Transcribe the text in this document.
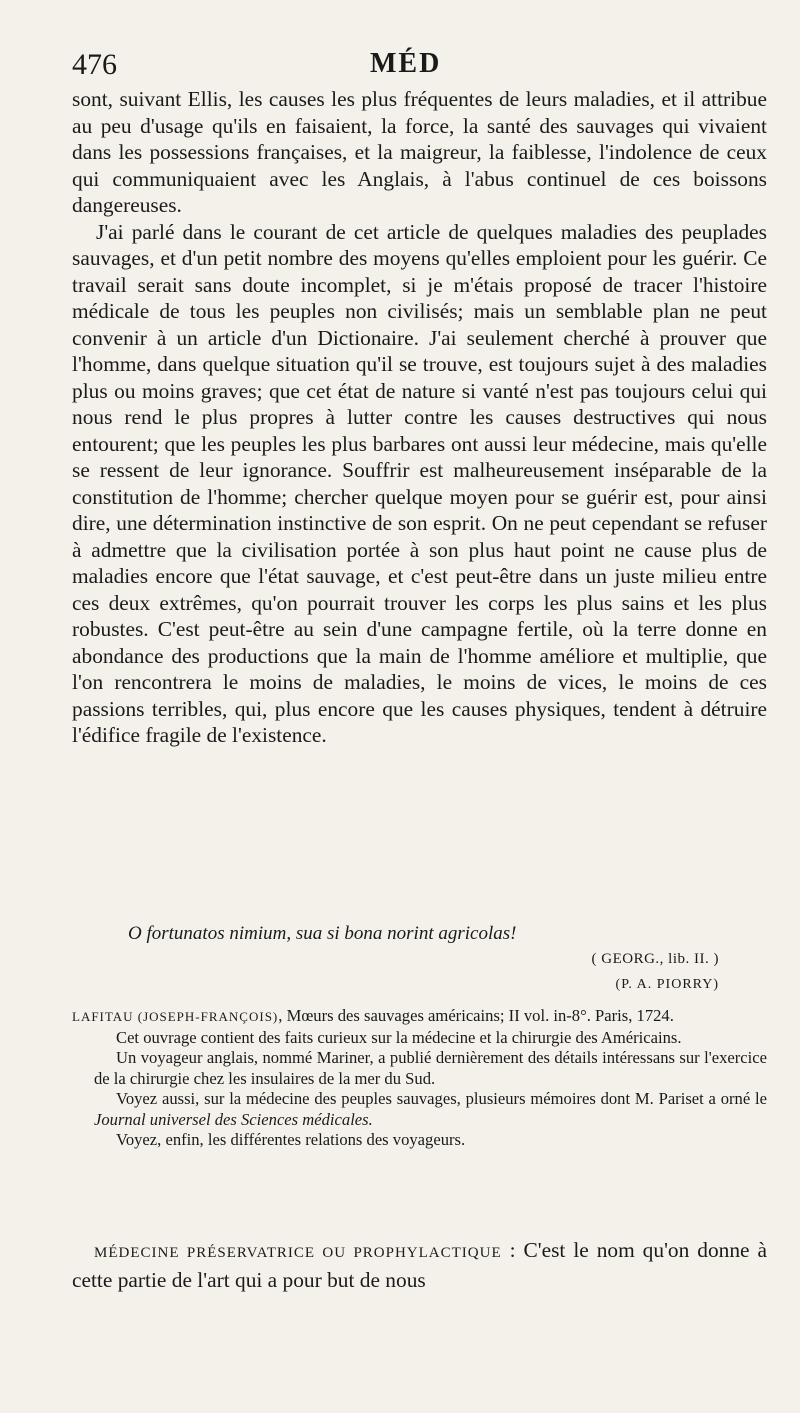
476	MÉD

sont, suivant Ellis, les causes les plus fréquentes de leurs maladies, et il attribue au peu d'usage qu'ils en faisaient, la force, la santé des sauvages qui vivaient dans les possessions françaises, et la maigreur, la faiblesse, l'indolence de ceux qui communiquaient avec les Anglais, à l'abus continuel de ces boissons dangereuses.

J'ai parlé dans le courant de cet article de quelques maladies des peuplades sauvages, et d'un petit nombre des moyens qu'elles emploient pour les guérir. Ce travail serait sans doute incomplet, si je m'étais proposé de tracer l'histoire médicale de tous les peuples non civilisés; mais un semblable plan ne peut convenir à un article d'un Dictionaire. J'ai seulement cherché à prouver que l'homme, dans quelque situation qu'il se trouve, est toujours sujet à des maladies plus ou moins graves; que cet état de nature si vanté n'est pas toujours celui qui nous rend le plus propres à lutter contre les causes destructives qui nous entourent; que les peuples les plus barbares ont aussi leur médecine, mais qu'elle se ressent de leur ignorance. Souffrir est malheureusement inséparable de la constitution de l'homme; chercher quelque moyen pour se guérir est, pour ainsi dire, une détermination instinctive de son esprit. On ne peut cependant se refuser à admettre que la civilisation portée à son plus haut point ne cause plus de maladies encore que l'état sauvage, et c'est peut-être dans un juste milieu entre ces deux extrêmes, qu'on pourrait trouver les corps les plus sains et les plus robustes. C'est peut-être au sein d'une campagne fertile, où la terre donne en abondance des productions que la main de l'homme améliore et multiplie, que l'on rencontrera le moins de maladies, le moins de vices, le moins de ces passions terribles, qui, plus encore que les causes physiques, tendent à détruire l'édifice fragile de l'existence.

O fortunatos nimium, sua si bona norint agricolas!

( GEORG., lib. II. )

(P. A. PIORRY)

LAFITAU (JOSEPH-FRANÇOIS), Mœurs des sauvages américains; II vol. in-8°. Paris, 1724.

Cet ouvrage contient des faits curieux sur la médecine et la chirurgie des Américains.

Un voyageur anglais, nommé Mariner, a publié dernièrement des détails intéressans sur l'exercice de la chirurgie chez les insulaires de la mer du Sud.

Voyez aussi, sur la médecine des peuples sauvages, plusieurs mémoires dont M. Pariset a orné le Journal universel des Sciences médicales.

Voyez, enfin, les différentes relations des voyageurs.

MÉDECINE PRÉSERVATRICE OU PROPHYLACTIQUE : C'est le nom qu'on donne à cette partie de l'art qui a pour but de nous
